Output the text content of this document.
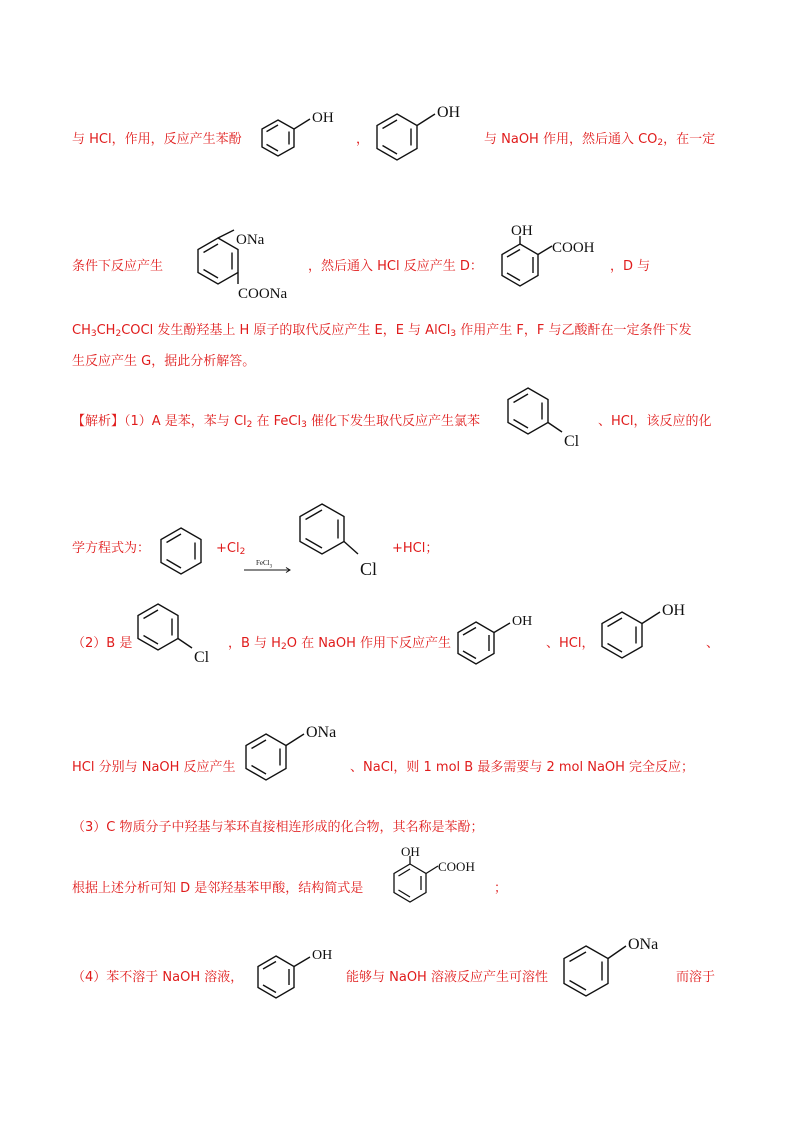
与 HCl，作用，反应产生苯酚
OH
，
OH
与 NaOH 作用，然后通入 $CO_2$，在一定
条件下反应产生
ONa
COONa
，然后通入 HCl 反应产生 D：
OH
COOH
，D 与
$CH_3CH_2COCl$ 发生酚羟基上 H 原子的取代反应产生 E，E 与 AlCl$_3$ 作用产生 F，F 与乙酸酐在一定条件下发
生反应产生 G，据此分析解答。
【解析】（1）A 是苯，苯与 $Cl_2$ 在 FeCl$_3$ 催化下发生取代反应产生氯苯
Cl
、HCl，该反应的化
学方程式为：	$+Cl_2$
FeCl$_3$	Cl
+HCl；
（2）B 是
Cl
，B 与 $H_2O$ 在 NaOH 作用下反应产生
OH
、HCl，
OH
、
HCl 分别与 NaOH 反应产生
ONa
、NaCl，则 1 mol B 最多需要与 2 mol NaOH 完全反应；
（3）C 物质分子中羟基与苯环直接相连形成的化合物，其名称是苯酚；
根据上述分析可知 D 是邻羟基苯甲酸，结构简式是
OH
COOH
；
（4）苯不溶于 NaOH 溶液，
OH
能够与 NaOH 溶液反应产生可溶性
ONa
而溶于
